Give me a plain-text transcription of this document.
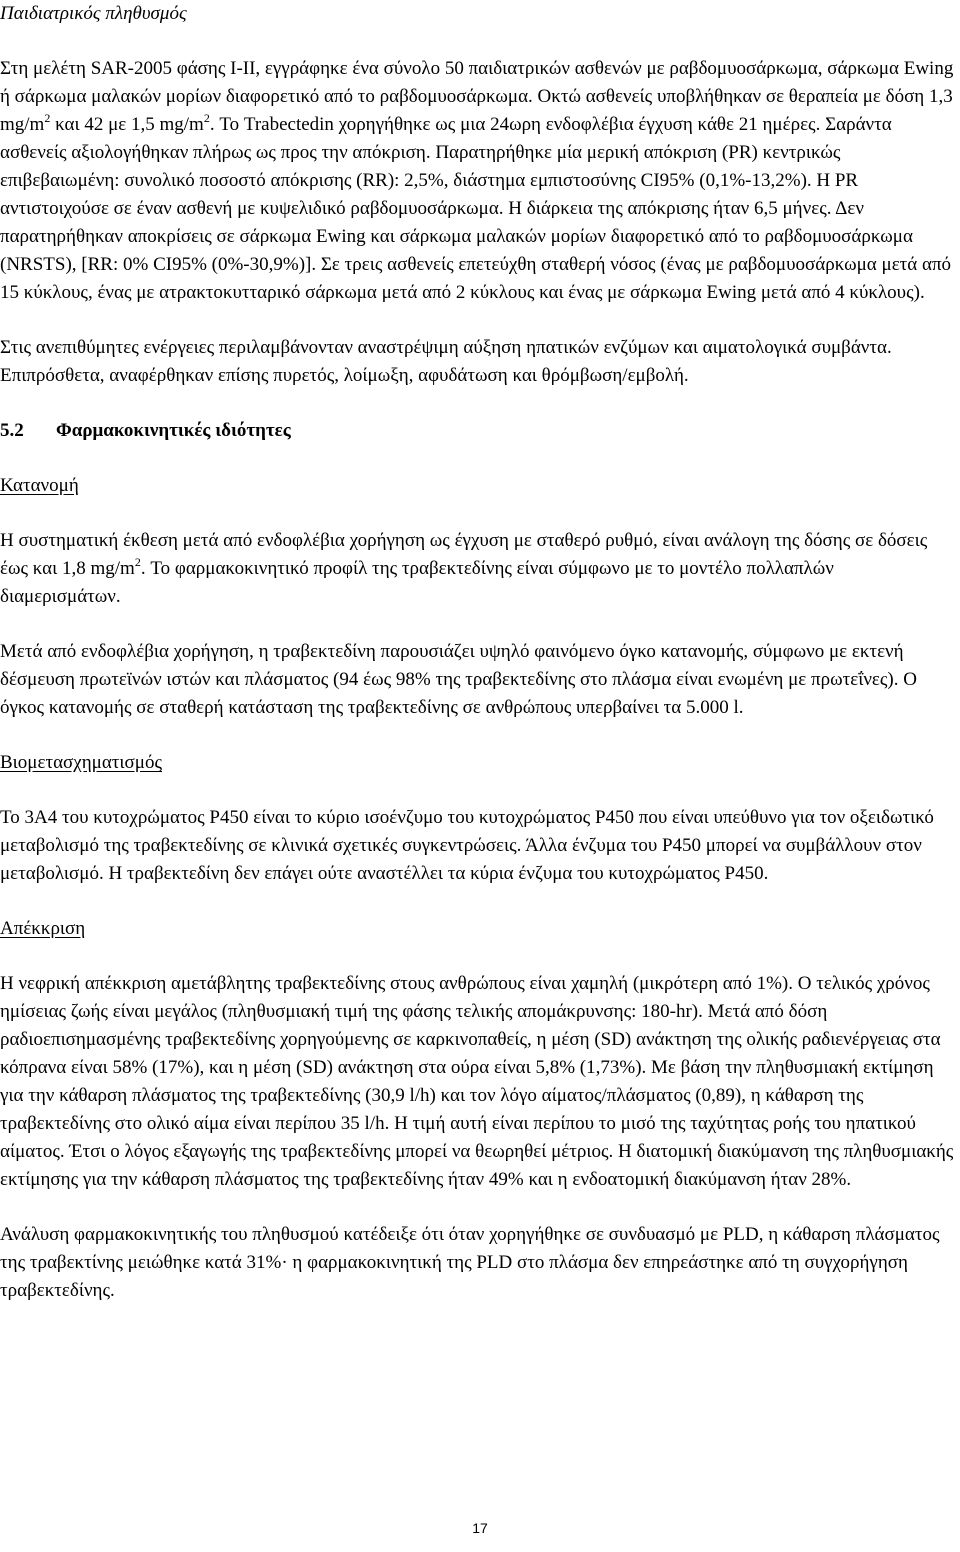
Παιδιατρικός πληθυσμός

Στη μελέτη SAR-2005 φάσης I-II, εγγράφηκε ένα σύνολο 50 παιδιατρικών ασθενών με ραβδομυοσάρκωμα, σάρκωμα Ewing ή σάρκωμα μαλακών μορίων διαφορετικό από το ραβδομυοσάρκωμα. Οκτώ ασθενείς υποβλήθηκαν σε θεραπεία με δόση 1,3 $mg/m^2$ και 42 με 1,5 $mg/m^2$. Το Trabectedin χορηγήθηκε ως μια 24ωρη ενδοφλέβια έγχυση κάθε 21 ημέρες. Σαράντα ασθενείς αξιολογήθηκαν πλήρως ως προς την απόκριση. Παρατηρήθηκε μία μερική απόκριση (PR) κεντρικώς επιβεβαιωμένη: συνολικό ποσοστό απόκρισης (RR): 2,5%, διάστημα εμπιστοσύνης CI95% (0,1%-13,2%). Η PR αντιστοιχούσε σε έναν ασθενή με κυψελιδικό ραβδομυοσάρκωμα. Η διάρκεια της απόκρισης ήταν 6,5 μήνες. Δεν παρατηρήθηκαν αποκρίσεις σε σάρκωμα Ewing και σάρκωμα μαλακών μορίων διαφορετικό από το ραβδομυοσάρκωμα (NRSTS), [RR: 0% CI95% (0%-30,9%)]. Σε τρεις ασθενείς επετεύχθη σταθερή νόσος (ένας με ραβδομυοσάρκωμα μετά από 15 κύκλους, ένας με ατρακτοκυτταρικό σάρκωμα μετά από 2 κύκλους και ένας με σάρκωμα Ewing μετά από 4 κύκλους).

Στις ανεπιθύμητες ενέργειες περιλαμβάνονταν αναστρέψιμη αύξηση ηπατικών ενζύμων και αιματολογικά συμβάντα. Επιπρόσθετα, αναφέρθηκαν επίσης πυρετός, λοίμωξη, αφυδάτωση και θρόμβωση/εμβολή.

5.2 Φαρμακοκινητικές ιδιότητες
Κατανομή

Η συστηματική έκθεση μετά από ενδοφλέβια χορήγηση ως έγχυση με σταθερό ρυθμό, είναι ανάλογη της δόσης σε δόσεις έως και 1,8 $mg/m^2$. Το φαρμακοκινητικό προφίλ της τραβεκτεδίνης είναι σύμφωνο με το μοντέλο πολλαπλών διαμερισμάτων.

Μετά από ενδοφλέβια χορήγηση, η τραβεκτεδίνη παρουσιάζει υψηλό φαινόμενο όγκο κατανομής, σύμφωνο με εκτενή δέσμευση πρωτεϊνών ιστών και πλάσματος (94 έως 98% της τραβεκτεδίνης στο πλάσμα είναι ενωμένη με πρωτεΐνες). Ο όγκος κατανομής σε σταθερή κατάσταση της τραβεκτεδίνης σε ανθρώπους υπερβαίνει τα 5.000 l.

Βιομετασχηματισμός

Το 3A4 του κυτοχρώματος P450 είναι το κύριο ισοένζυμο του κυτοχρώματος P450 που είναι υπεύθυνο για τον οξειδωτικό μεταβολισμό της τραβεκτεδίνης σε κλινικά σχετικές συγκεντρώσεις. Άλλα ένζυμα του P450 μπορεί να συμβάλλουν στον μεταβολισμό. Η τραβεκτεδίνη δεν επάγει ούτε αναστέλλει τα κύρια ένζυμα του κυτοχρώματος P450.

Απέκκριση

Η νεφρική απέκκριση αμετάβλητης τραβεκτεδίνης στους ανθρώπους είναι χαμηλή (μικρότερη από 1%). Ο τελικός χρόνος ημίσειας ζωής είναι μεγάλος (πληθυσμιακή τιμή της φάσης τελικής απομάκρυνσης: 180-hr). Μετά από δόση ραδιοεπισημασμένης τραβεκτεδίνης χορηγούμενης σε καρκινοπαθείς, η μέση (SD) ανάκτηση της ολικής ραδιενέργειας στα κόπρανα είναι 58% (17%), και η μέση (SD) ανάκτηση στα ούρα είναι 5,8% (1,73%). Με βάση την πληθυσμιακή εκτίμηση για την κάθαρση πλάσματος της τραβεκτεδίνης (30,9 l/h) και τον λόγο αίματος/πλάσματος (0,89), η κάθαρση της τραβεκτεδίνης στο ολικό αίμα είναι περίπου 35 l/h. Η τιμή αυτή είναι περίπου το μισό της ταχύτητας ροής του ηπατικού αίματος. Έτσι ο λόγος εξαγωγής της τραβεκτεδίνης μπορεί να θεωρηθεί μέτριος. Η διατομική διακύμανση της πληθυσμιακής εκτίμησης για την κάθαρση πλάσματος της τραβεκτεδίνης ήταν 49% και η ενδοατομική διακύμανση ήταν 28%.

Ανάλυση φαρμακοκινητικής του πληθυσμού κατέδειξε ότι όταν χορηγήθηκε σε συνδυασμό με PLD, η κάθαρση πλάσματος της τραβεκτίνης μειώθηκε κατά 31%· η φαρμακοκινητική της PLD στο πλάσμα δεν επηρεάστηκε από τη συγχορήγηση τραβεκτεδίνης.

17
